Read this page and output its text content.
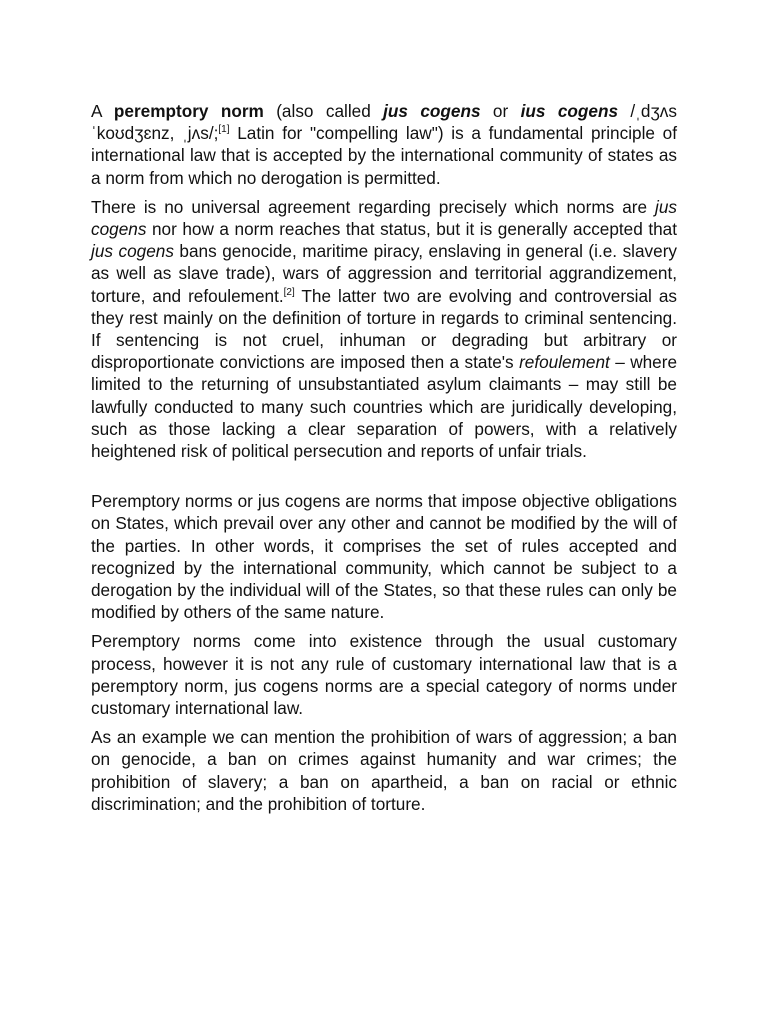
A peremptory norm (also called jus cogens or ius cogens /ˌdʒʌs ˈkoʊdʒɛnz, ˌjʌs/;[1] Latin for "compelling law") is a fundamental principle of international law that is accepted by the international community of states as a norm from which no derogation is permitted.

There is no universal agreement regarding precisely which norms are jus cogens nor how a norm reaches that status, but it is generally accepted that jus cogens bans genocide, maritime piracy, enslaving in general (i.e. slavery as well as slave trade), wars of aggression and territorial aggrandizement, torture, and refoulement.[2] The latter two are evolving and controversial as they rest mainly on the definition of torture in regards to criminal sentencing. If sentencing is not cruel, inhuman or degrading but arbitrary or disproportionate convictions are imposed then a state's refoulement – where limited to the returning of unsubstantiated asylum claimants – may still be lawfully conducted to many such countries which are juridically developing, such as those lacking a clear separation of powers, with a relatively heightened risk of political persecution and reports of unfair trials.

Peremptory norms or jus cogens are norms that impose objective obligations on States, which prevail over any other and cannot be modified by the will of the parties. In other words, it comprises the set of rules accepted and recognized by the international community, which cannot be subject to a derogation by the individual will of the States, so that these rules can only be modified by others of the same nature.

Peremptory norms come into existence through the usual customary process, however it is not any rule of customary international law that is a peremptory norm, jus cogens norms are a special category of norms under customary international law.

As an example we can mention the prohibition of wars of aggression; a ban on genocide, a ban on crimes against humanity and war crimes; the prohibition of slavery; a ban on apartheid, a ban on racial or ethnic discrimination; and the prohibition of torture.
